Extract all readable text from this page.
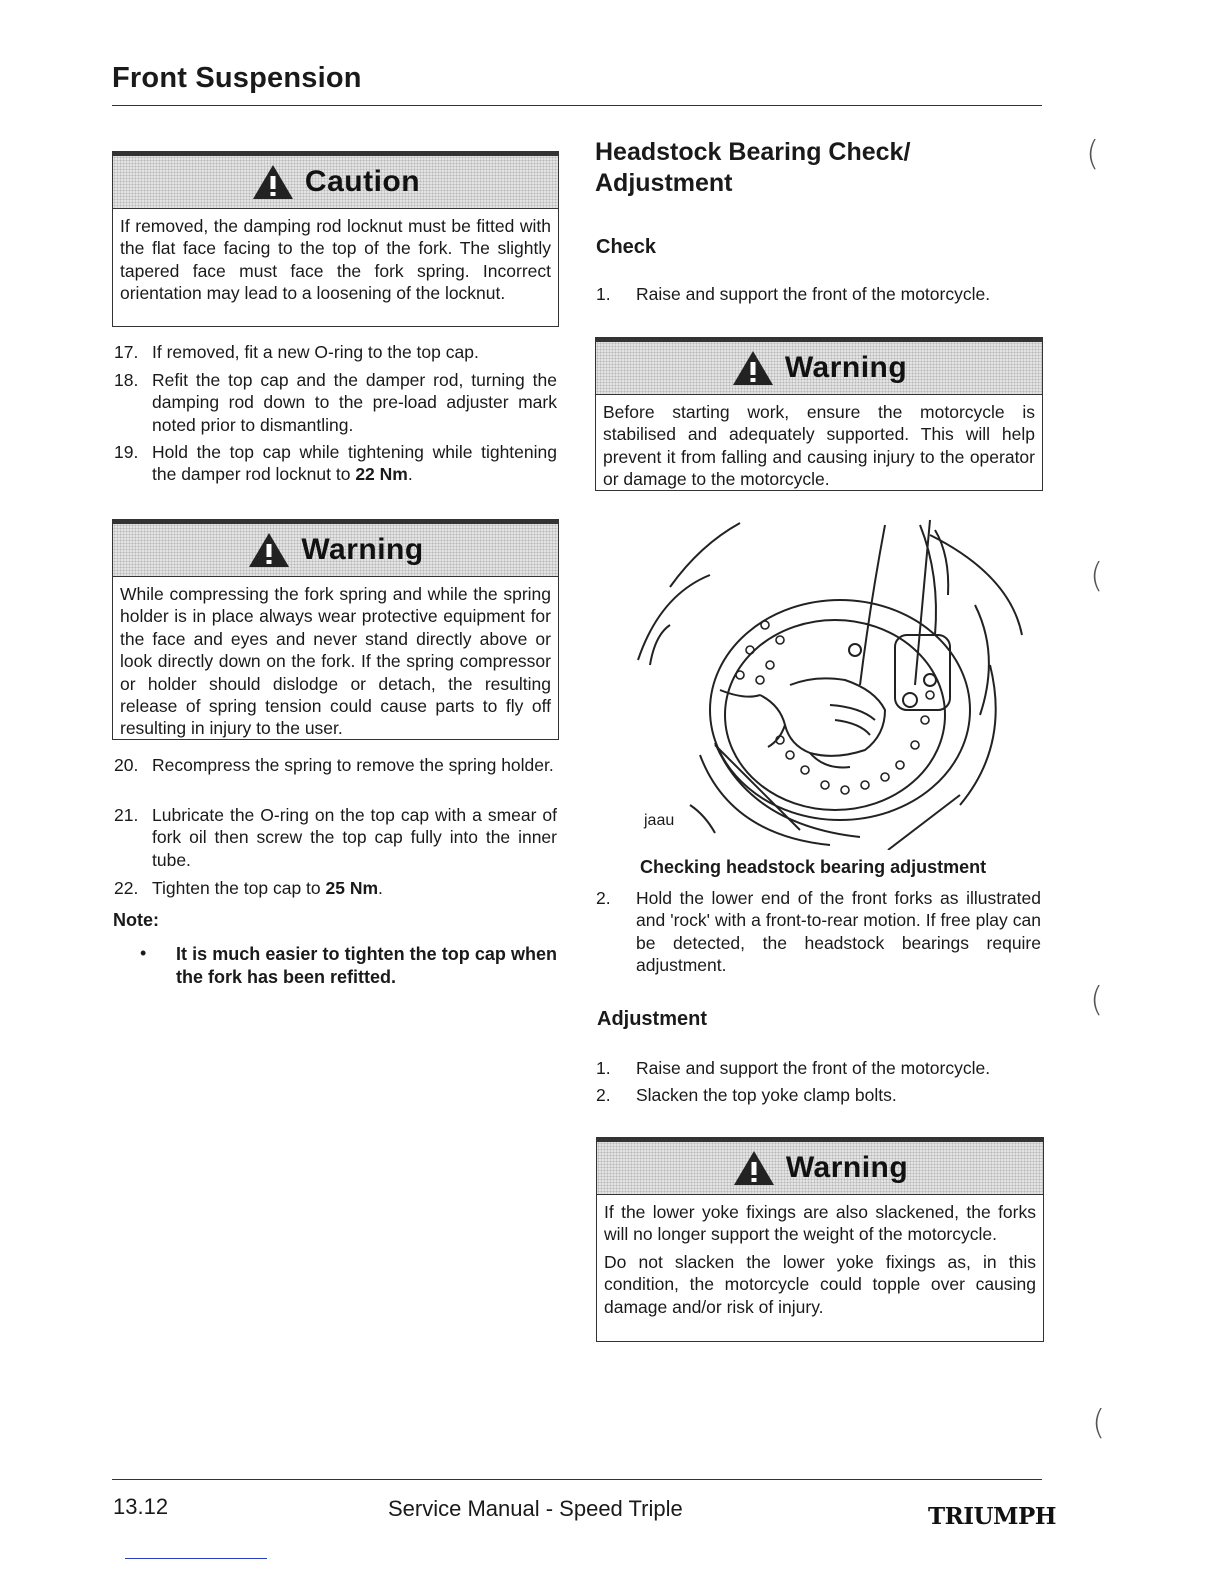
Front Suspension
(
(
(
(
Caution

If removed, the damping rod locknut must be fitted with the flat face facing to the top of the fork. The slightly tapered face must face the fork spring. Incorrect orientation may lead to a loosening of the locknut.

17. If removed, fit a new O-ring to the top cap.
18. Refit the top cap and the damper rod, turning the damping rod down to the pre-load adjuster mark noted prior to dismantling.
19. Hold the top cap while tightening while tightening the damper rod locknut to 22 Nm.
Warning

While compressing the fork spring and while the spring holder is in place always wear protective equipment for the face and eyes and never stand directly above or look directly down on the fork. If the spring compressor or holder should dislodge or detach, the resulting release of spring tension could cause parts to fly off resulting in injury to the user.

20. Recompress the spring to remove the spring holder.
21. Lubricate the O-ring on the top cap with a smear of fork oil then screw the top cap fully into the inner tube.
22. Tighten the top cap to 25 Nm.
Note:
• It is much easier to tighten the top cap when the fork has been refitted.
Headstock Bearing Check/ Adjustment
Check
1. Raise and support the front of the motorcycle.
Warning

Before starting work, ensure the motorcycle is stabilised and adequately supported. This will help prevent it from falling and causing injury to the operator or damage to the motorcycle.

jaau
Checking headstock bearing adjustment
2. Hold the lower end of the front forks as illustrated and 'rock' with a front-to-rear motion. If free play can be detected, the headstock bearings require adjustment.
Adjustment
1. Raise and support the front of the motorcycle.
2. Slacken the top yoke clamp bolts.
Warning

If the lower yoke fixings are also slackened, the forks will no longer support the weight of the motorcycle.

Do not slacken the lower yoke fixings as, in this condition, the motorcycle could topple over causing damage and/or risk of injury.

13.12	Service Manual - Speed Triple	TRIUMPH
